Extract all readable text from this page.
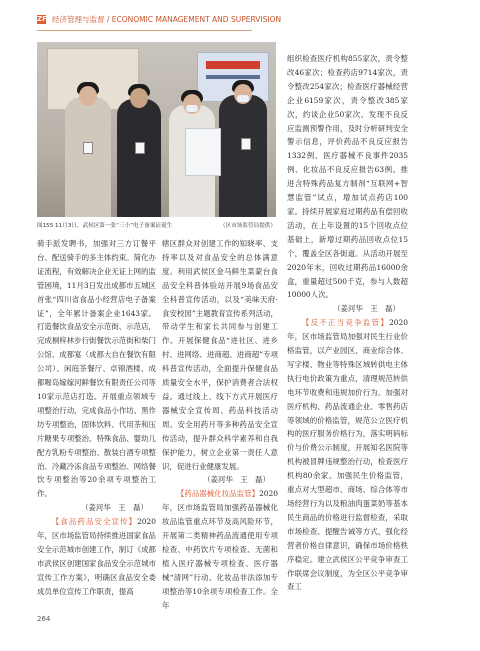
ZF 经济管理与监督 / ECONOMIC MANAGEMENT AND SUPERVISION
图155 11月3日，武侯区第一张“三小”电子备案证诞生	（区市场监管局提供）

骑手派发聘书，加强对三方订餐平台、配送骑手的多主体约束。简化办证流程，有效解决企业无证上网的监管困境，11月3日发出成都市五城区首张“四川省食品小经营店电子备案证”，全年累计备案企业1643家。打造餐饮食品安全示范街、示范店，完成桐梓林步行街餐饮示范街和柴门公馆、成都宴（成都大自在餐饮有限公司）、闲庭茶餐厅、卓锦酒楼、成都喔岛嫁嫁河鲜餐饮有限责任公司等10家示范店打造。开展重点领域专项整治行动，完成食品小作坊、黑作坊专项整治，固体饮料、代用茶和压片糖果专项整治、特殊食品、婴幼儿配方乳粉专项整治、散装白酒专项整治、冷藏冷冻食品专项整治、网络餐饮专项整治等20余项专项整治工作。

（姜河华　王　磊）

【食品药品安全宣传】2020年，区市场监管局持续推进国家食品安全示范城市创建工作，制订《成都市武侯区创建国家食品安全示范城市宣传工作方案》，明确区食品安全委成员单位宣传工作职责，提高

辖区群众对创建工作的知晓率、支持率以及对食品安全的总体满意度。利用武侯区金马鲜生菜蒙台食品安全科普体验站开展9场食品安全科普宣传活动，以及“美味天府·食安校园”主题教育宣传系列活动，带动学生和家长共同参与创建工作。开展保健食品“进社区、进乡村、进网络、进商超、进商超”专项科普宣传活动，全面提升保健食品质量安全水平，保护消费者合法权益。通过线上、线下方式开展医疗器械安全宣传周、药品科技活动周、安全用药月等多种药品安全宣传活动，提升群众科学素养和自我保护能力，树立企业第一责任人意识，促进行业健康发展。

（姜河华　王　磊）

【药品器械化妆品监管】2020年，区市场监管局加强药品器械化妆品监管重点环节及高风险环节，开展第二类精神药品流通使用专项检查、中药饮片专项检查、无菌和植入医疗器械专项检查、医疗器械“清网”行动、化妆品非法添加专项整治等10余项专项检查工作。全年

组织检查医疗机构855家次，责令整改46家次；检查药店9714家次，责令整改254家次；检查医疗器械经营企业6159家次，责令整改385家次，约谈企业50家次。发现不良反应监测预警作用，及时分析研判安全警示信息，评价药品不良反应报告1332例、医疗器械不良事件2035例、化妆品不良反应报告63例。推进含特殊药品复方制剂“互联网+智慧监管”试点，增加试点药店100家。持续开展家庭过期药品有偿回收活动，在上年设置的15个回收点位基础上，新增过期药品回收点位15个，覆盖全区各街道。从活动开展至2020年末，回收过期药品16000余盒，重量超过500千克，参与人数超10000人次。

（姜河华　王　磊）

【反不正当竞争监管】2020年，区市场监管局加强对民生行业价格监管，以产业园区、商业综合体、写字楼、物业等特殊区域转供电主体执行电价政策为重点，清理规范转供电环节收费和违规加价行为。加强对医疗机构、药品流通企业、零售药店等领域的价格监管，规范公立医疗机构的医疗服务价格行为，落实明码标价与价费公示制度，开展知名医院等机构被冒牌违规整治行动，检查医疗机构80余家。加强民生价格监管，重点对大型超市、商场、综合体等市场经营行为以及粮油肉蛋菜奶等基本民生商品的价格进行监督检查，采取市场检查、提醒告诫等方式，强化经营者价格自律意识，确保市场价格秩序稳定。建立武侯区公平竞争审查工作联席会议制度，为全区公平竞争审查工

264
